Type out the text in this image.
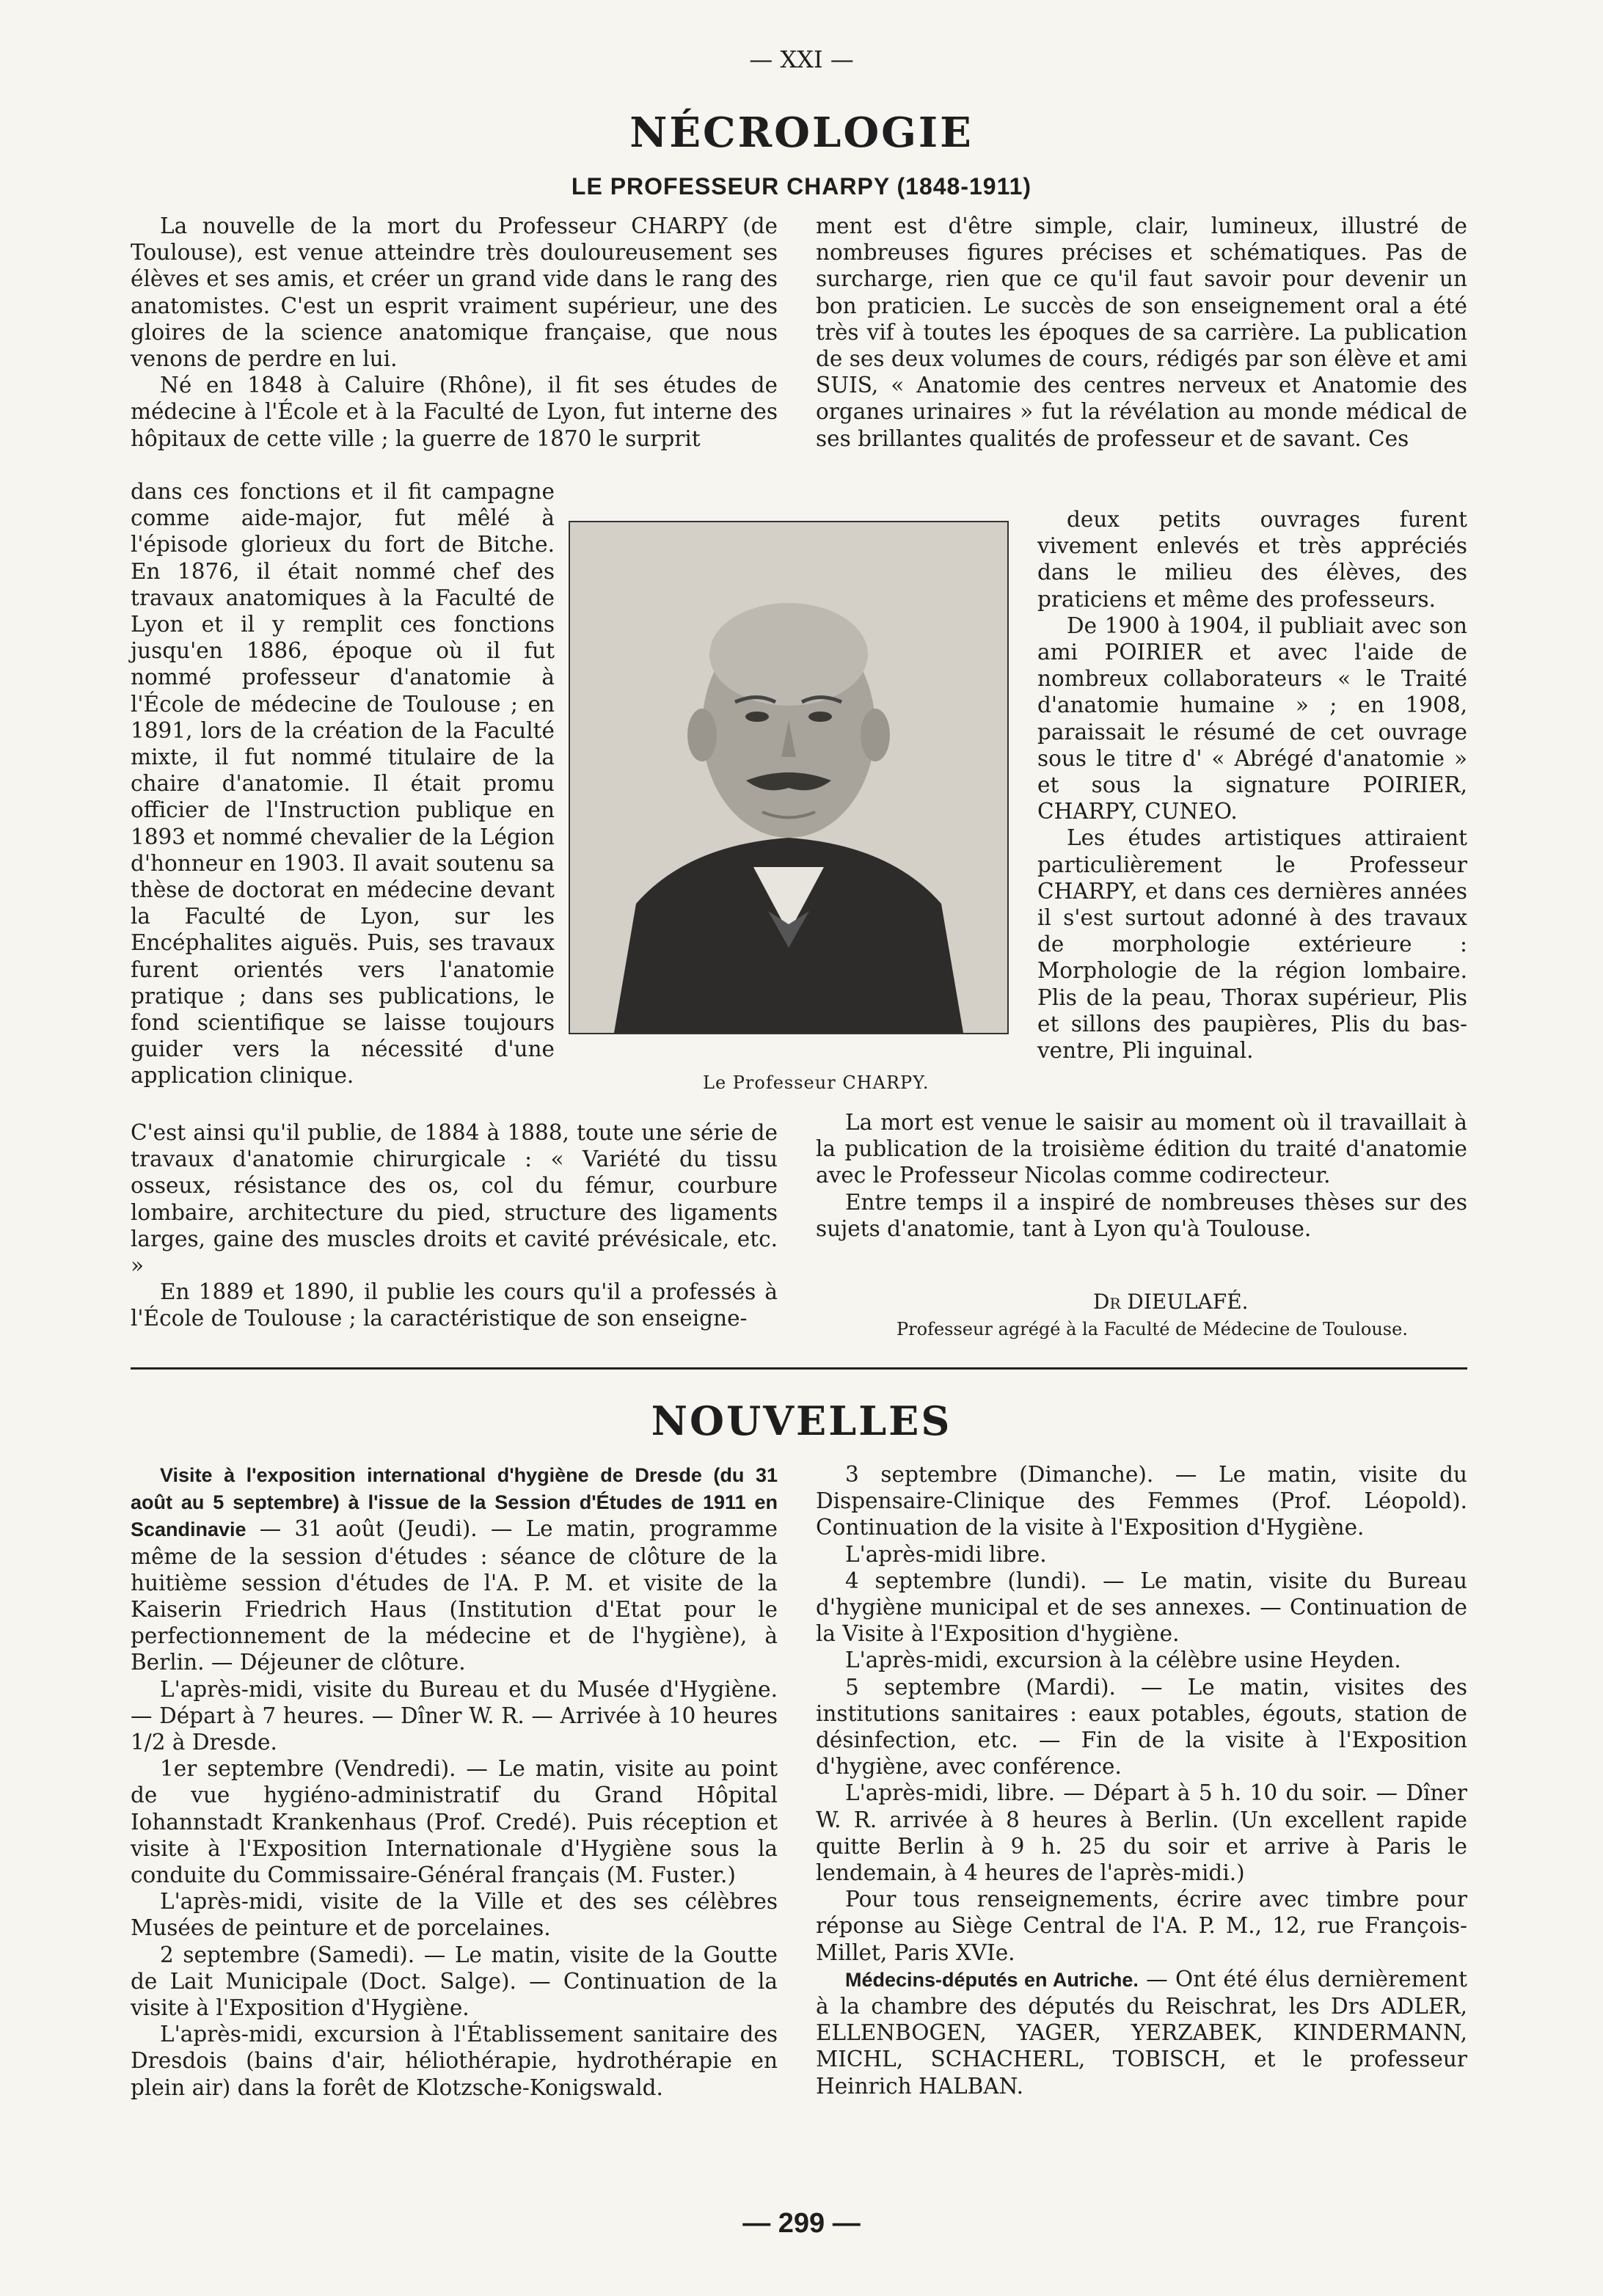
— XXI —
NÉCROLOGIE
LE PROFESSEUR CHARPY (1848-1911)

La nouvelle de la mort du Professeur CHARPY (de Toulouse), est venue atteindre très douloureusement ses élèves et ses amis, et créer un grand vide dans le rang des anatomistes. C'est un esprit vraiment supérieur, une des gloires de la science anatomique française, que nous venons de perdre en lui.

Né en 1848 à Caluire (Rhône), il fit ses études de médecine à l'École et à la Faculté de Lyon, fut interne des hôpitaux de cette ville ; la guerre de 1870 le surprit

dans ces fonctions et il fit campagne comme aide-major, fut mêlé à l'épisode glorieux du fort de Bitche. En 1876, il était nommé chef des travaux anatomiques à la Faculté de Lyon et il y remplit ces fonctions jusqu'en 1886, époque où il fut nommé professeur d'anatomie à l'École de médecine de Toulouse ; en 1891, lors de la création de la Faculté mixte, il fut nommé titulaire de la chaire d'anatomie. Il était promu officier de l'Instruction publique en 1893 et nommé chevalier de la Légion d'honneur en 1903. Il avait soutenu sa thèse de doctorat en médecine devant la Faculté de Lyon, sur les Encéphalites aiguës. Puis, ses travaux furent orientés vers l'anatomie pratique ; dans ses publications, le fond scientifique se laisse toujours guider vers la nécessité d'une application clinique.

C'est ainsi qu'il publie, de 1884 à 1888, toute une série de travaux d'anatomie chirurgicale : « Variété du tissu osseux, résistance des os, col du fémur, courbure lombaire, architecture du pied, structure des ligaments larges, gaine des muscles droits et cavité prévésicale, etc. »

En 1889 et 1890, il publie les cours qu'il a professés à l'École de Toulouse ; la caractéristique de son enseigne-

Le Professeur CHARPY.

ment est d'être simple, clair, lumineux, illustré de nombreuses figures précises et schématiques. Pas de surcharge, rien que ce qu'il faut savoir pour devenir un bon praticien. Le succès de son enseignement oral a été très vif à toutes les époques de sa carrière. La publication de ses deux volumes de cours, rédigés par son élève et ami SUIS, « Anatomie des centres nerveux et Anatomie des organes urinaires » fut la révélation au monde médical de ses brillantes qualités de professeur et de savant. Ces

deux petits ouvrages furent vivement enlevés et très appréciés dans le milieu des élèves, des praticiens et même des professeurs.

De 1900 à 1904, il publiait avec son ami POIRIER et avec l'aide de nombreux collaborateurs « le Traité d'anatomie humaine » ; en 1908, paraissait le résumé de cet ouvrage sous le titre d' « Abrégé d'anatomie » et sous la signature POIRIER, CHARPY, CUNEO.

Les études artistiques attiraient particulièrement le Professeur CHARPY, et dans ces dernières années il s'est surtout adonné à des travaux de morphologie extérieure : Morphologie de la région lombaire. Plis de la peau, Thorax supérieur, Plis et sillons des paupières, Plis du bas-ventre, Pli inguinal.

La mort est venue le saisir au moment où il travaillait à la publication de la troisième édition du traité d'anatomie avec le Professeur Nicolas comme codirecteur.

Entre temps il a inspiré de nombreuses thèses sur des sujets d'anatomie, tant à Lyon qu'à Toulouse.

Dr DIEULAFÉ.
Professeur agrégé à la Faculté de Médecine de Toulouse.
NOUVELLES

Visite à l'exposition international d'hygiène de Dresde (du 31 août au 5 septembre) à l'issue de la Session d'Études de 1911 en Scandinavie — 31 août (Jeudi). — Le matin, programme même de la session d'études : séance de clôture de la huitième session d'études de l'A. P. M. et visite de la Kaiserin Friedrich Haus (Institution d'Etat pour le perfectionnement de la médecine et de l'hygiène), à Berlin. — Déjeuner de clôture.

L'après-midi, visite du Bureau et du Musée d'Hygiène. — Départ à 7 heures. — Dîner W. R. — Arrivée à 10 heures 1/2 à Dresde.

1er septembre (Vendredi). — Le matin, visite au point de vue hygiéno-administratif du Grand Hôpital Iohannstadt Krankenhaus (Prof. Credé). Puis réception et visite à l'Exposition Internationale d'Hygiène sous la conduite du Commissaire-Général français (M. Fuster.)

L'après-midi, visite de la Ville et des ses célèbres Musées de peinture et de porcelaines.

2 septembre (Samedi). — Le matin, visite de la Goutte de Lait Municipale (Doct. Salge). — Continuation de la visite à l'Exposition d'Hygiène.

L'après-midi, excursion à l'Établissement sanitaire des Dresdois (bains d'air, héliothérapie, hydrothérapie en plein air) dans la forêt de Klotzsche-Konigswald.

3 septembre (Dimanche). — Le matin, visite du Dispensaire-Clinique des Femmes (Prof. Léopold). Continuation de la visite à l'Exposition d'Hygiène.

L'après-midi libre.

4 septembre (lundi). — Le matin, visite du Bureau d'hygiène municipal et de ses annexes. — Continuation de la Visite à l'Exposition d'hygiène.

L'après-midi, excursion à la célèbre usine Heyden.

5 septembre (Mardi). — Le matin, visites des institutions sanitaires : eaux potables, égouts, station de désinfection, etc. — Fin de la visite à l'Exposition d'hygiène, avec conférence.

L'après-midi, libre. — Départ à 5 h. 10 du soir. — Dîner W. R. arrivée à 8 heures à Berlin. (Un excellent rapide quitte Berlin à 9 h. 25 du soir et arrive à Paris le lendemain, à 4 heures de l'après-midi.)

Pour tous renseignements, écrire avec timbre pour réponse au Siège Central de l'A. P. M., 12, rue François-Millet, Paris XVIe.

Médecins-députés en Autriche. — Ont été élus dernièrement à la chambre des députés du Reischrat, les Drs ADLER, ELLENBOGEN, YAGER, YERZABEK, KINDERMANN, MICHL, SCHACHERL, TOBISCH, et le professeur Heinrich HALBAN.

— 299 —
